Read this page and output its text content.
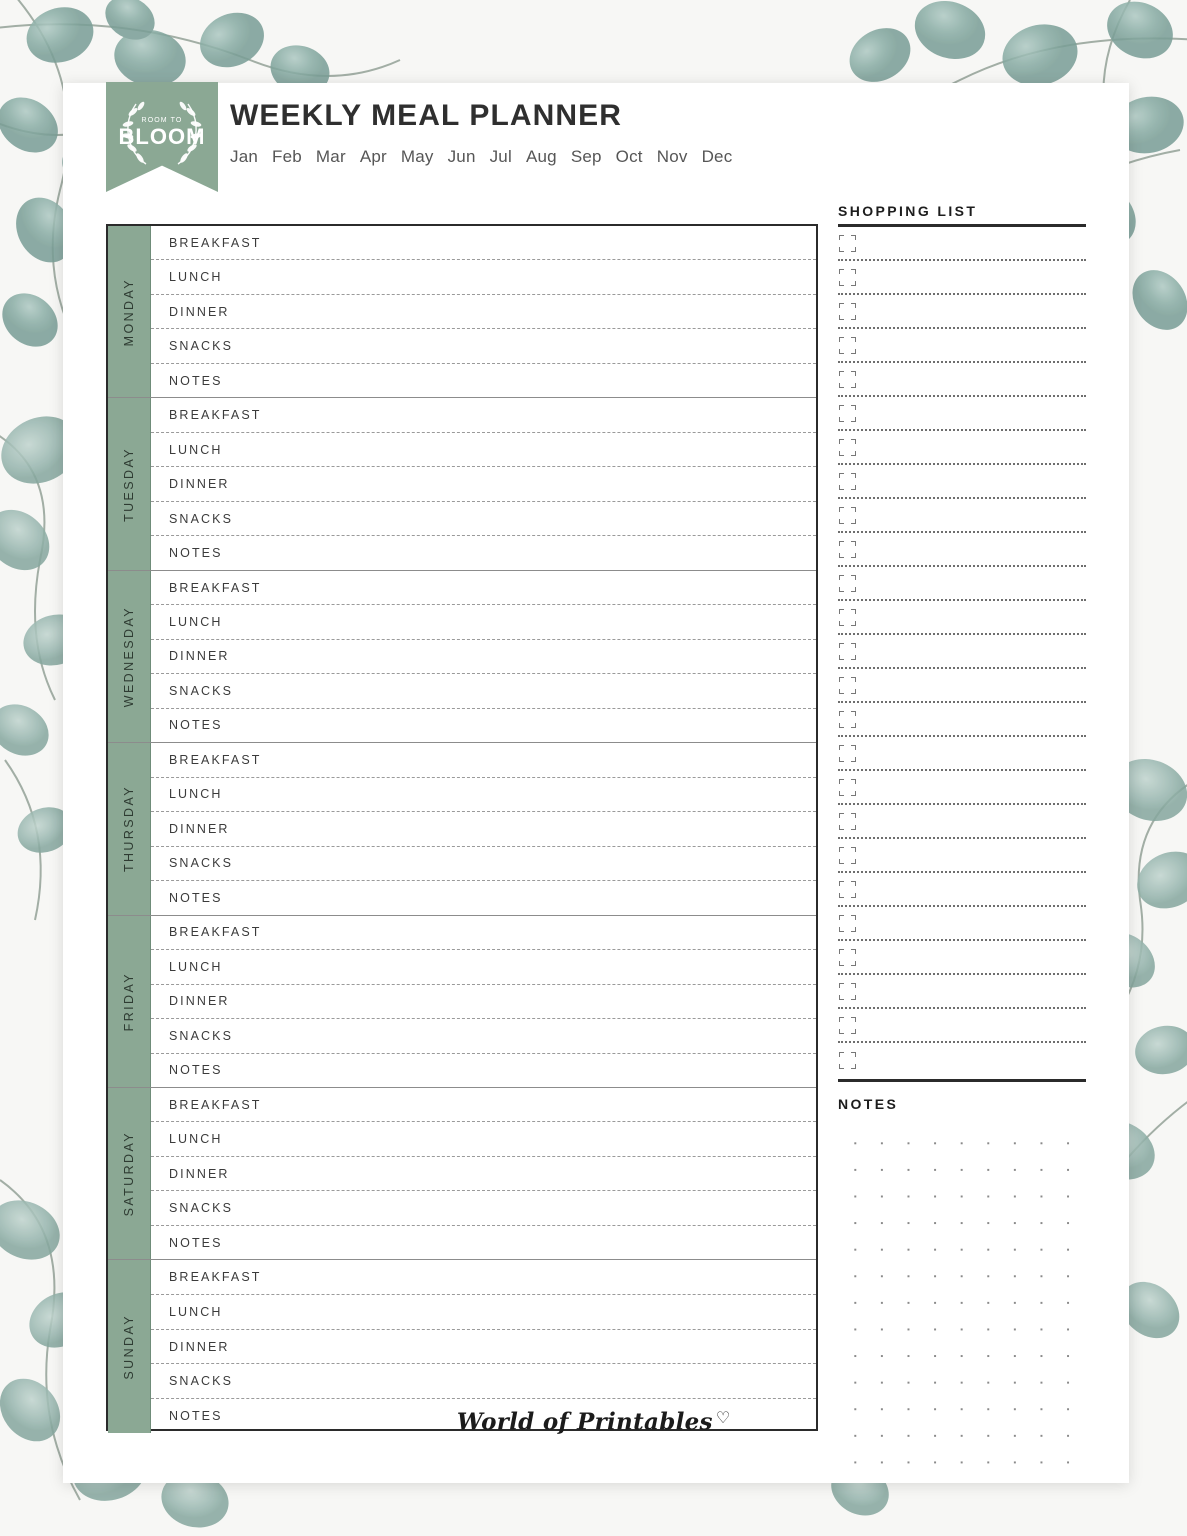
ROOM TO
BLOOM
WEEKLY MEAL PLANNER
Jan Feb Mar Apr May Jun Jul Aug Sep Oct Nov Dec
MONDAY
BREAKFAST
LUNCH
DINNER
SNACKS
NOTES
TUESDAY
BREAKFAST
LUNCH
DINNER
SNACKS
NOTES
WEDNESDAY
BREAKFAST
LUNCH
DINNER
SNACKS
NOTES
THURSDAY
BREAKFAST
LUNCH
DINNER
SNACKS
NOTES
FRIDAY
BREAKFAST
LUNCH
DINNER
SNACKS
NOTES
SATURDAY
BREAKFAST
LUNCH
DINNER
SNACKS
NOTES
SUNDAY
BREAKFAST
LUNCH
DINNER
SNACKS
NOTES
SHOPPING LIST
NOTES
World of Printables ♡
